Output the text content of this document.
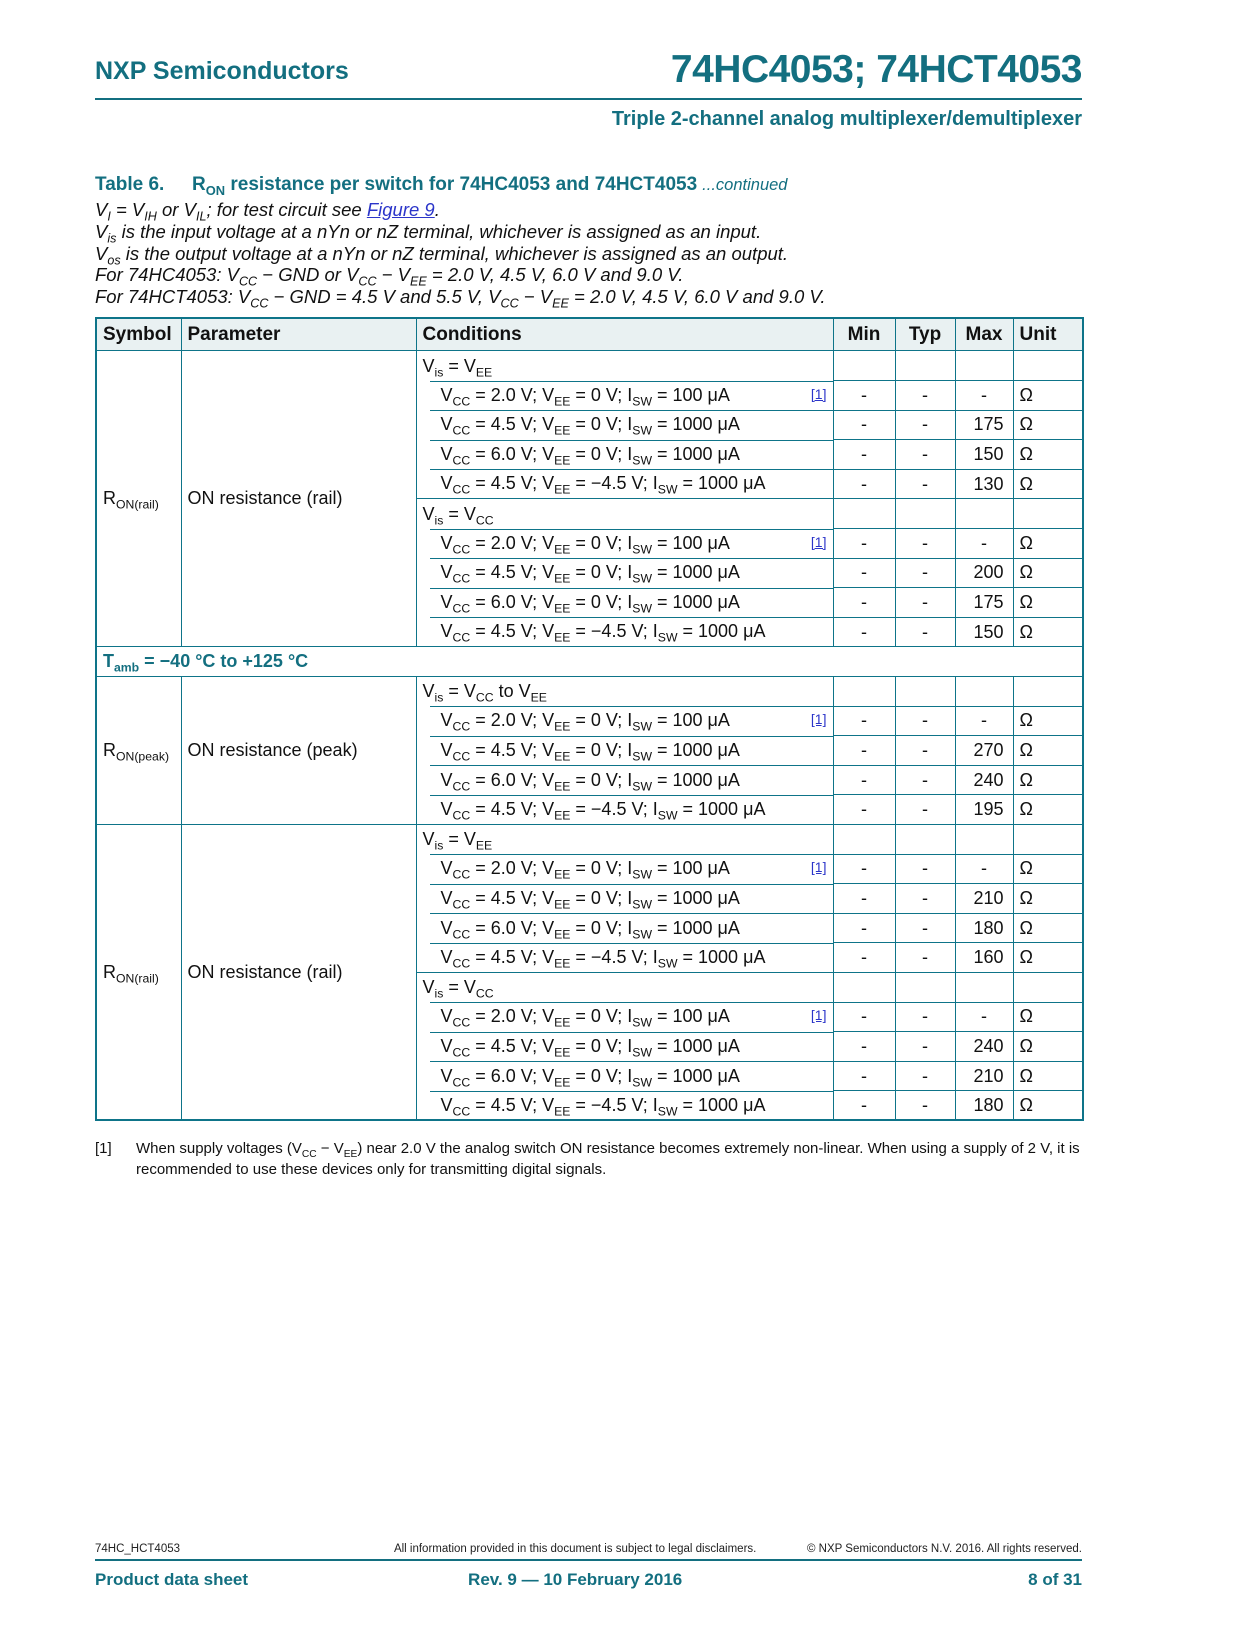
NXP Semiconductors	74HC4053; 74HCT4053
Triple 2-channel analog multiplexer/demultiplexer
Table 6. $R_{ON}$ resistance per switch for 74HC4053 and 74HCT4053 ...continued
$V_I = V_{IH}$ or $V_{IL}$; for test circuit see Figure 9.
$V_{is}$ is the input voltage at a nYn or nZ terminal, whichever is assigned as an input.
$V_{os}$ is the output voltage at a nYn or nZ terminal, whichever is assigned as an output.
For 74HC4053: $V_{CC}$ − GND or $V_{CC} - V_{EE} = 2.0$ V, 4.5 V, 6.0 V and 9.0 V.
For 74HCT4053: $V_{CC}$ − GND = 4.5 V and 5.5 V, $V_{CC} - V_{EE} = 2.0$ V, 4.5 V, 6.0 V and 9.0 V.
Symbol	Parameter	Conditions	Min	Typ	Max	Unit
$R_{ON(rail)}$	ON resistance (rail)	$V_{is} = V_{EE}$				
		$V_{CC} = 2.0$ V; $V_{EE} = 0$ V; $I_{SW} = 100$ μA [1]	-	-	-	Ω
		$V_{CC} = 4.5$ V; $V_{EE} = 0$ V; $I_{SW} = 1000$ μA	-	-	175	Ω
		$V_{CC} = 6.0$ V; $V_{EE} = 0$ V; $I_{SW} = 1000$ μA	-	-	150	Ω
		$V_{CC} = 4.5$ V; $V_{EE} = -4.5$ V; $I_{SW} = 1000$ μA	-	-	130	Ω
		$V_{is} = V_{CC}$				
		$V_{CC} = 2.0$ V; $V_{EE} = 0$ V; $I_{SW} = 100$ μA [1]	-	-	-	Ω
		$V_{CC} = 4.5$ V; $V_{EE} = 0$ V; $I_{SW} = 1000$ μA	-	-	200	Ω
		$V_{CC} = 6.0$ V; $V_{EE} = 0$ V; $I_{SW} = 1000$ μA	-	-	175	Ω
		$V_{CC} = 4.5$ V; $V_{EE} = -4.5$ V; $I_{SW} = 1000$ μA	-	-	150	Ω
$T_{amb} = -40$ °C to +125 °C						
$R_{ON(peak)}$	ON resistance (peak)	$V_{is} = V_{CC}$ to $V_{EE}$				
		$V_{CC} = 2.0$ V; $V_{EE} = 0$ V; $I_{SW} = 100$ μA [1]	-	-	-	Ω
		$V_{CC} = 4.5$ V; $V_{EE} = 0$ V; $I_{SW} = 1000$ μA	-	-	270	Ω
		$V_{CC} = 6.0$ V; $V_{EE} = 0$ V; $I_{SW} = 1000$ μA	-	-	240	Ω
		$V_{CC} = 4.5$ V; $V_{EE} = -4.5$ V; $I_{SW} = 1000$ μA	-	-	195	Ω
$R_{ON(rail)}$	ON resistance (rail)	$V_{is} = V_{EE}$				
		$V_{CC} = 2.0$ V; $V_{EE} = 0$ V; $I_{SW} = 100$ μA [1]	-	-	-	Ω
		$V_{CC} = 4.5$ V; $V_{EE} = 0$ V; $I_{SW} = 1000$ μA	-	-	210	Ω
		$V_{CC} = 6.0$ V; $V_{EE} = 0$ V; $I_{SW} = 1000$ μA	-	-	180	Ω
		$V_{CC} = 4.5$ V; $V_{EE} = -4.5$ V; $I_{SW} = 1000$ μA	-	-	160	Ω
		$V_{is} = V_{CC}$				
		$V_{CC} = 2.0$ V; $V_{EE} = 0$ V; $I_{SW} = 100$ μA [1]	-	-	-	Ω
		$V_{CC} = 4.5$ V; $V_{EE} = 0$ V; $I_{SW} = 1000$ μA	-	-	240	Ω
		$V_{CC} = 6.0$ V; $V_{EE} = 0$ V; $I_{SW} = 1000$ μA	-	-	210	Ω
		$V_{CC} = 4.5$ V; $V_{EE} = -4.5$ V; $I_{SW} = 1000$ μA	-	-	180	Ω
[1]	When supply voltages $(V_{CC} - V_{EE})$ near 2.0 V the analog switch ON resistance becomes extremely non-linear. When using a supply of 2 V, it is recommended to use these devices only for transmitting digital signals.
74HC_HCT4053	All information provided in this document is subject to legal disclaimers.	© NXP Semiconductors N.V. 2016. All rights reserved.
Product data sheet	Rev. 9 — 10 February 2016	8 of 31
